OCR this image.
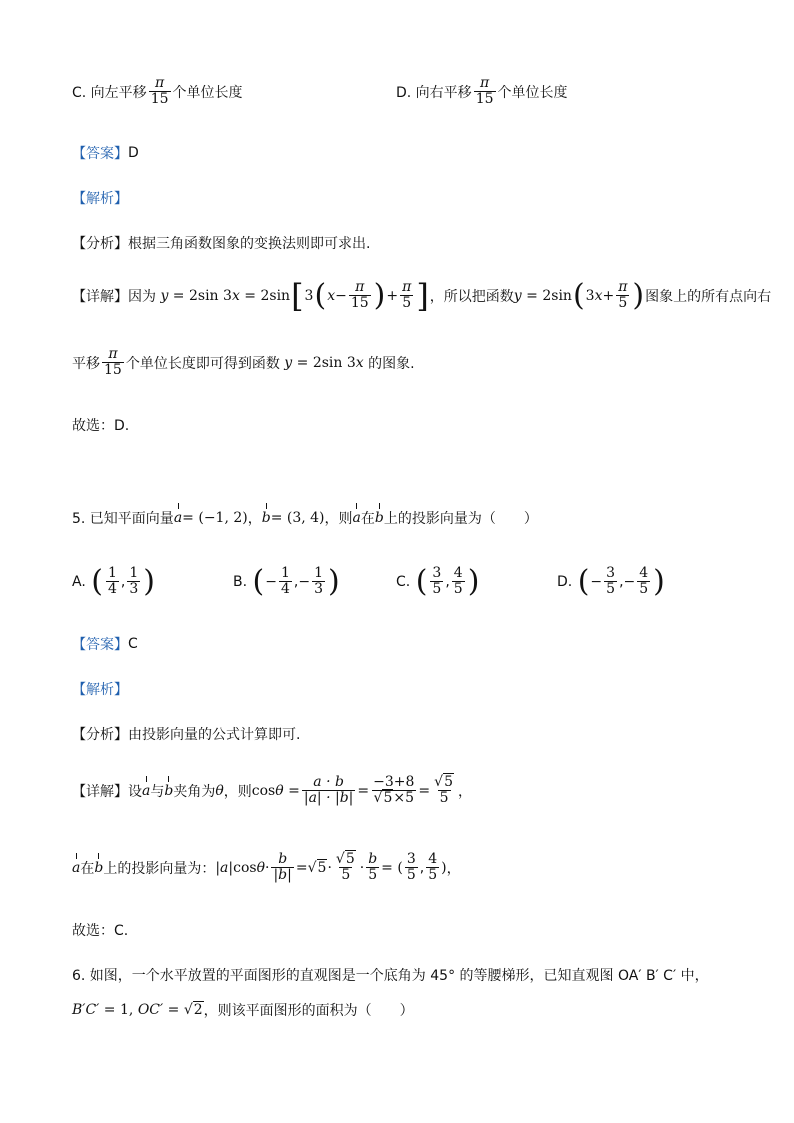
C. 向左平移 $\frac{\pi}{15}$ 个单位长度	D. 向右平移 $\frac{\pi}{15}$ 个单位长度
【答案】 D
【解析】
【分析】 根据三角函数图象的变换法则即可求出.
【详解】 因为 y = 2sin 3 x = 2sin [ 3 ( $x - \frac{\pi}{15}$ ) + $\frac{\pi}{5}$ ] ，所以把函数 y = 2sin ( 3 $x + \frac{\pi}{5}$ ) 图象上的所有点向右
平移 $\frac{\pi}{15}$ 个单位长度即可得到函数 y = 2sin 3 x
的图象.
故选：D.
5. 已知平面向量 a = (−1, 2) ， b = (3, 4) ，则 a 在 b 上的投影向量为（　　）
A.
( $\frac{1}{4}$ , $\frac{1}{3}$ )	B.
( − $\frac{1}{4}$ , − $\frac{1}{3}$ )	C.
( $\frac{3}{5}$ , $\frac{4}{5}$ )	D.
( − $\frac{3}{5}$ , − $\frac{4}{5}$ )
【答案】 C
【解析】
【分析】 由投影向量的公式计算即可.
【详解】 设 a 与 b 夹角为 θ ，则 $\cos \theta = \frac{a \cdot b}{|a| \cdot |b|} = \frac{-3+8}{√5\times 5} = \frac{√5}{5}$ ，
a 在 b 上的投影向量为： |a| $\cos \theta \cdot \frac{b}{|b|} = √5 \cdot \frac{√5}{5} \cdot \frac{b}{5}$ = ( $\frac{3}{5}$ , $\frac{4}{5}$ ) ，
故选：C.
6. 如图，一个水平放置的平面图形的直观图是一个底角为 45° 的等腰梯形，已知直观图 OA′ B′ C′ 中，
B′C′ = 1, OC′ = √2 ，则该平面图形的面积为（　　）
